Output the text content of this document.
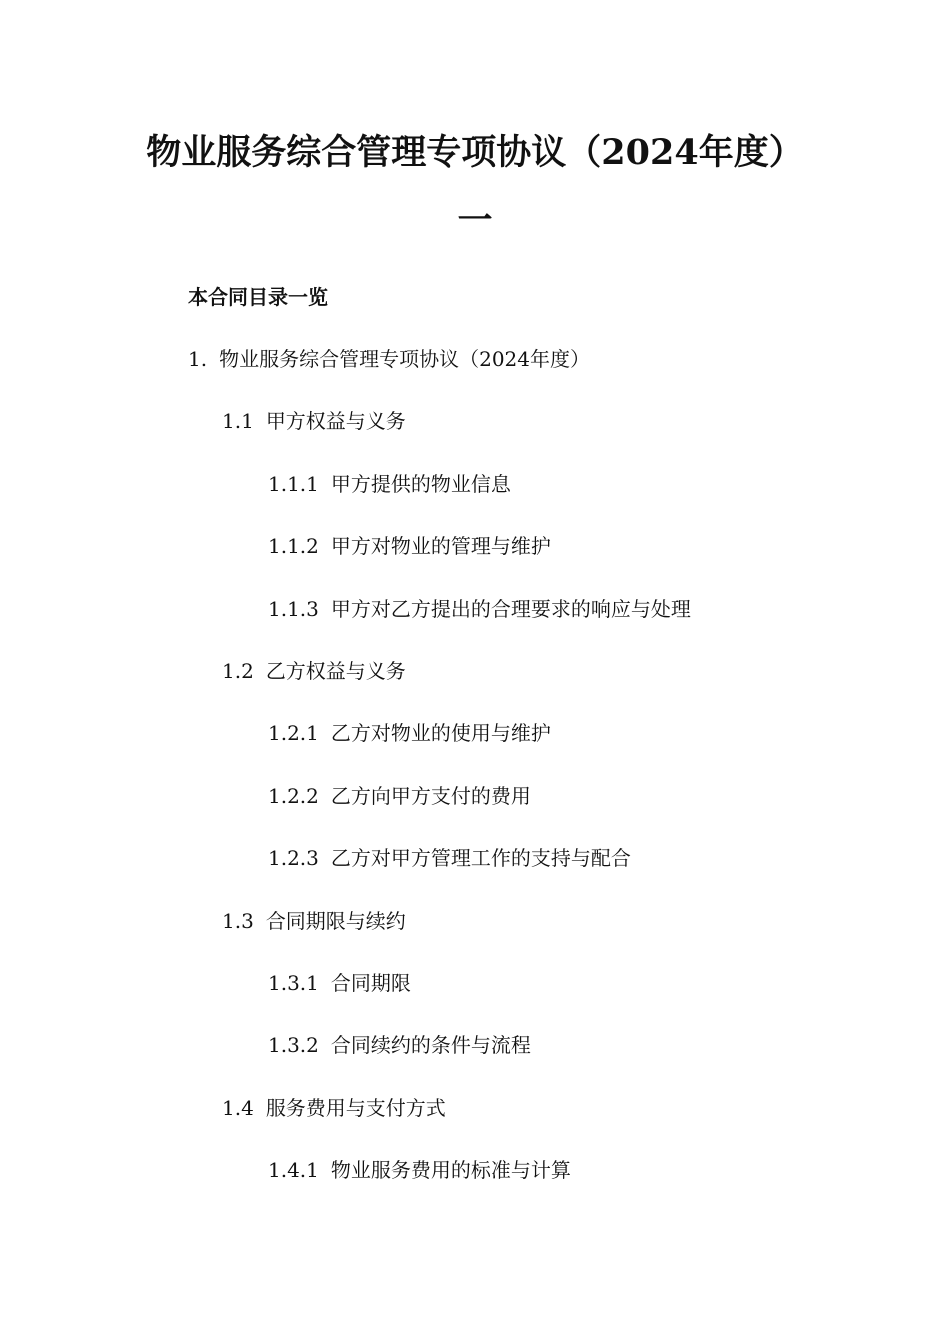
物业服务综合管理专项协议（2024年度）
一
本合同目录一览
1. 物业服务综合管理专项协议（2024年度）
1.1 甲方权益与义务
1.1.1 甲方提供的物业信息
1.1.2 甲方对物业的管理与维护
1.1.3 甲方对乙方提出的合理要求的响应与处理
1.2 乙方权益与义务
1.2.1 乙方对物业的使用与维护
1.2.2 乙方向甲方支付的费用
1.2.3 乙方对甲方管理工作的支持与配合
1.3 合同期限与续约
1.3.1 合同期限
1.3.2 合同续约的条件与流程
1.4 服务费用与支付方式
1.4.1 物业服务费用的标准与计算
